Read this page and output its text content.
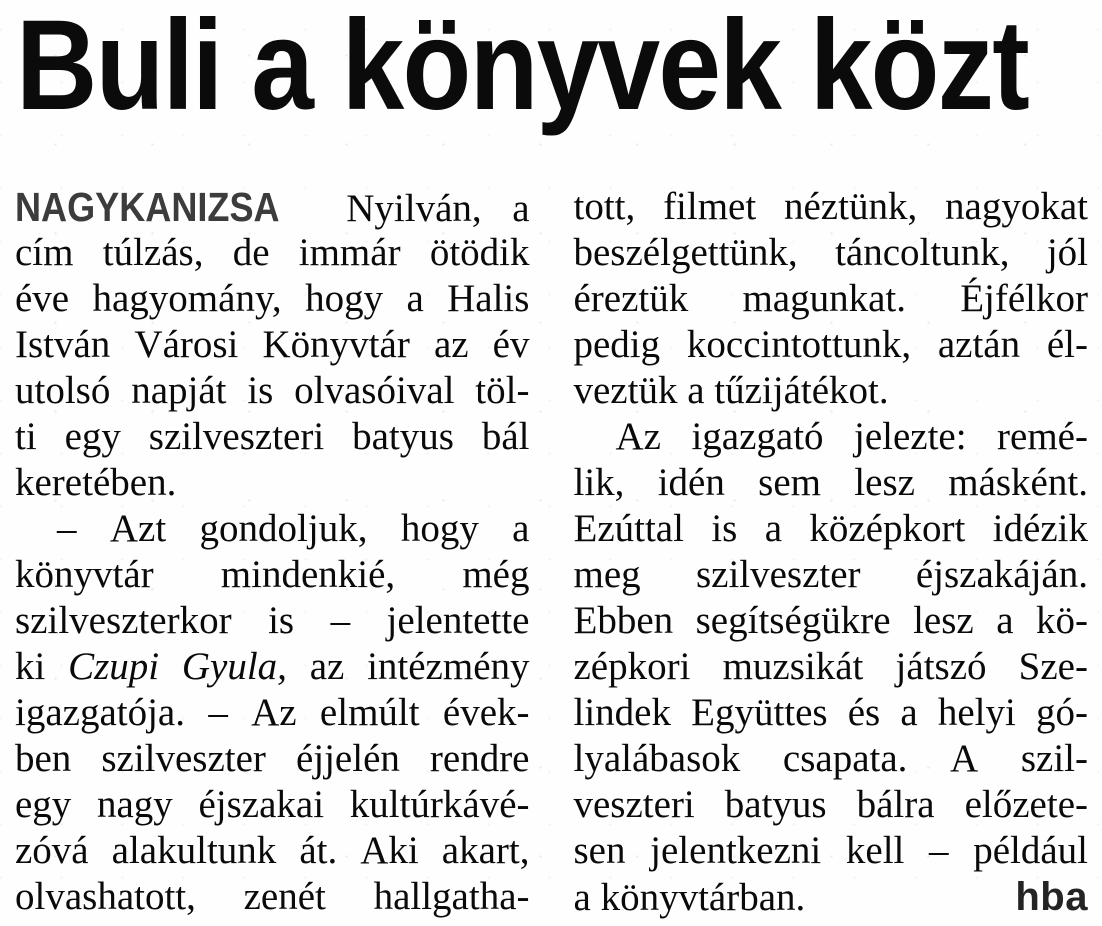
Buli a könyvek közt
NAGYKANIZSA Nyilván, a
cím túlzás, de immár ötödik
éve hagyomány, hogy a Halis
István Városi Könyvtár az év
utolsó napját is olvasóival töl-
ti egy szilveszteri batyus bál
keretében.
– Azt gondoljuk, hogy a
könyvtár mindenkié, még
szilveszterkor is – jelentette
ki Czupi Gyula, az intézmény
igazgatója. – Az elmúlt évek-
ben szilveszter éjjelén rendre
egy nagy éjszakai kultúrkávé-
zóvá alakultunk át. Aki akart,
olvashatott, zenét hallgatha-
tott, filmet néztünk, nagyokat
beszélgettünk, táncoltunk, jól
éreztük magunkat. Éjfélkor
pedig koccintottunk, aztán él-
veztük a tűzijátékot.
Az igazgató jelezte: remé-
lik, idén sem lesz másként.
Ezúttal is a középkort idézik
meg szilveszter éjszakáján.
Ebben segítségükre lesz a kö-
zépkori muzsikát játszó Sze-
lindek Együttes és a helyi gó-
lyalábasok csapata. A szil-
veszteri batyus bálra előzete-
sen jelentkezni kell – például
a könyvtárban.	hba
